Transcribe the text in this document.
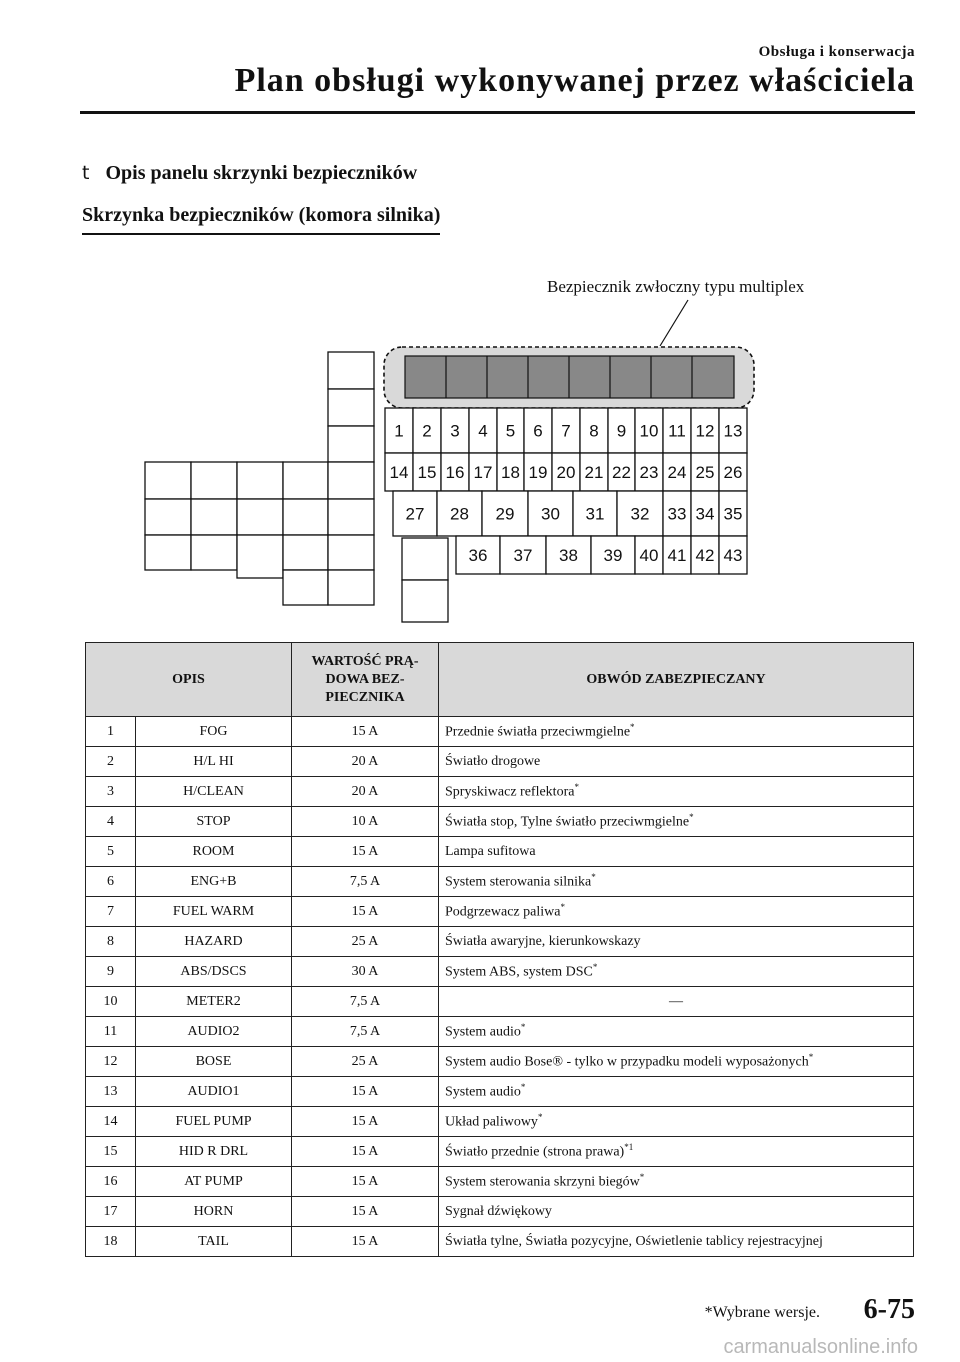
Obsługa i konserwacja
Plan obsługi wykonywanej przez właściciela
t Opis panelu skrzynki bezpieczników
Skrzynka bezpieczników (komora silnika)
Bezpiecznik zwłoczny typu multiplex
1 2 3 4 5 6 7 8 9 10 11 12 13
14 15 16 17 18 19 20 21 22 23 24 25 26
27 28 29 30 31 32 33 34 35
36 37 38 39 40 41 42 43
OPIS		WARTOŚĆ PRĄ-
DOWA BEZ-
PIECZNIKA	OBWÓD ZABEZPIECZANY
1	FOG	15 A	Przednie światła przeciwmgielne*
2	H/L HI	20 A	Światło drogowe
3	H/CLEAN	20 A	Spryskiwacz reflektora*
4	STOP	10 A	Światła stop, Tylne światło przeciwmgielne*
5	ROOM	15 A	Lampa sufitowa
6	ENG+B	7,5 A	System sterowania silnika*
7	FUEL WARM	15 A	Podgrzewacz paliwa*
8	HAZARD	25 A	Światła awaryjne, kierunkowskazy
9	ABS/DSCS	30 A	System ABS, system DSC*
10	METER2	7,5 A	―
11	AUDIO2	7,5 A	System audio*
12	BOSE	25 A	System audio Bose® - tylko w przypadku modeli wyposażonych*
13	AUDIO1	15 A	System audio*
14	FUEL PUMP	15 A	Układ paliwowy*
15	HID R DRL	15 A	Światło przednie (strona prawa)$^{*1}$
16	AT PUMP	15 A	System sterowania skrzyni biegów*
17	HORN	15 A	Sygnał dźwiękowy
18	TAIL	15 A	Światła tylne, Światła pozycyjne, Oświetlenie tablicy rejestracyjnej
*Wybrane wersje. 6-75
carmanualsonline.info
